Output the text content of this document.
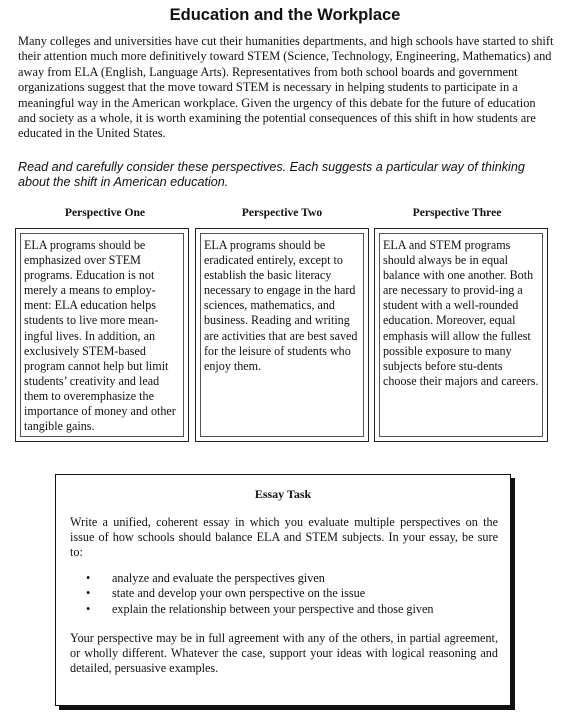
Education and the Workplace

Many colleges and universities have cut their humanities departments, and high schools have started to shift their attention much more definitively toward STEM (Science, Technology, Engineering, Mathematics) and away from ELA (English, Language Arts). Representatives from both school boards and government organizations suggest that the move toward STEM is necessary in helping students to participate in a meaningful way in the American workplace. Given the urgency of this debate for the future of education and society as a whole, it is worth examining the potential consequences of this shift in how students are educated in the United States.

Read and carefully consider these perspectives. Each suggests a particular way of thinking about the shift in American education.

Perspective One
ELA programs should be emphasized over STEM programs. Education is not merely a means to employ-ment: ELA education helps students to live more mean-ingful lives. In addition, an exclusively STEM-based program cannot help but limit students’ creativity and lead them to overemphasize the importance of money and other tangible gains.
Perspective Two
ELA programs should be eradicated entirely, except to establish the basic literacy necessary to engage in the hard sciences, mathematics, and business. Reading and writing are activities that are best saved for the leisure of students who enjoy them.
Perspective Three
ELA and STEM programs should always be in equal balance with one another. Both are necessary to provid-ing a student with a well-rounded education. Moreover, equal emphasis will allow the fullest possible exposure to many subjects before stu-dents choose their majors and careers.
Essay Task

Write a unified, coherent essay in which you evaluate multiple perspectives on the issue of how schools should balance ELA and STEM subjects. In your essay, be sure to:

• analyze and evaluate the perspectives given
• state and develop your own perspective on the issue
• explain the relationship between your perspective and those given

Your perspective may be in full agreement with any of the others, in partial agreement, or wholly different. Whatever the case, support your ideas with logical reasoning and detailed, persuasive examples.
